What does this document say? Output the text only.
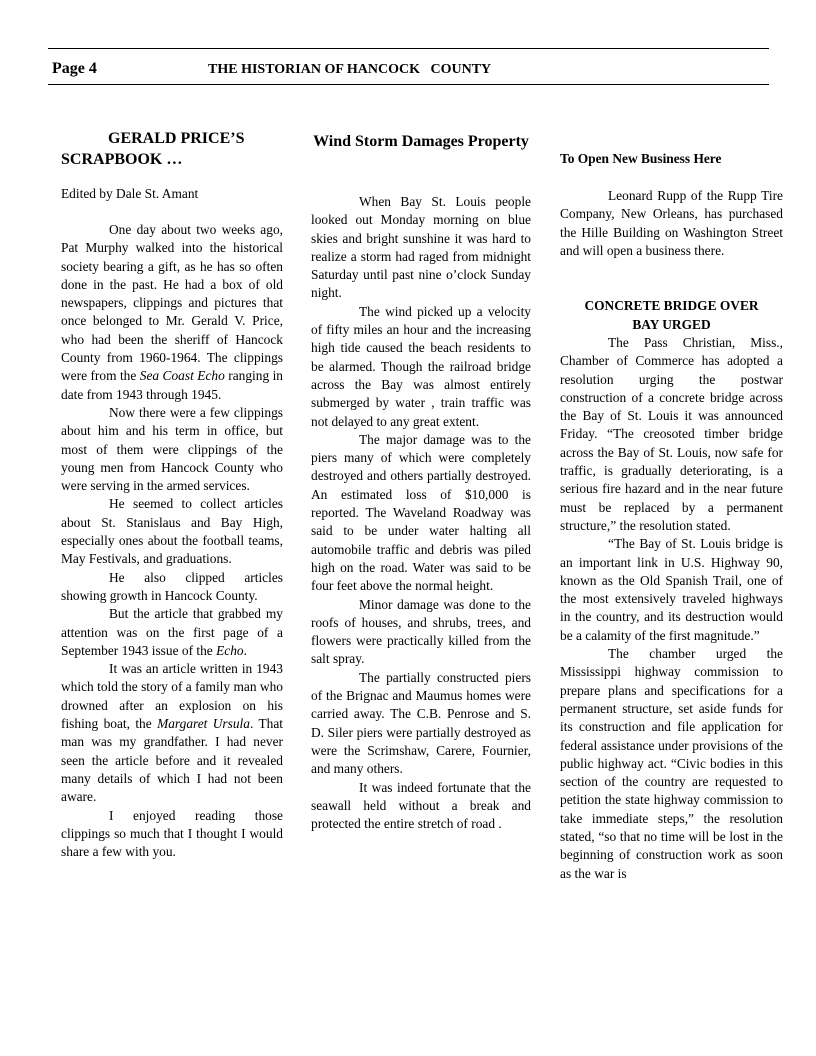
Page 4	THE HISTORIAN OF HANCOCK   COUNTY
GERALD PRICE’S
SCRAPBOOK …
Edited by Dale St. Amant

One day about two weeks ago, Pat Murphy walked into the historical society bearing a gift, as he has so often done in the past. He had a box of old newspapers, clippings and pictures that once belonged to Mr. Gerald V. Price, who had been the sheriff of Hancock County from 1960-1964. The clippings were from the Sea Coast Echo ranging in date from 1943 through 1945.

Now there were a few clippings about him and his term in office, but most of them were clippings of the young men from Hancock County who were serving in the armed services.

He seemed to collect articles about St. Stanislaus and Bay High, especially ones about the football teams, May Festivals, and graduations.

He also clipped articles showing growth in Hancock County.

But the article that grabbed my attention was on the first page of a September 1943 issue of the Echo.

It was an article written in 1943 which told the story of a family man who drowned after an explosion on his fishing boat, the Margaret Ursula. That man was my grandfather. I had never seen the article before and it revealed many details of which I had not been aware.

I enjoyed reading those clippings so much that I thought I would share a few with you.

Wind Storm Damages Property

When Bay St. Louis people looked out Monday morning on blue skies and bright sunshine it was hard to realize a storm had raged from midnight Saturday until past nine o’clock Sunday night.

The wind picked up a velocity of fifty miles an hour and the increasing high tide caused the beach residents to be alarmed. Though the railroad bridge across the Bay was almost entirely submerged by water , train traffic was not delayed to any great extent.

The major damage was to the piers many of which were completely destroyed and others partially destroyed. An estimated loss of $10,000 is reported. The Waveland Roadway was said to be under water halting all automobile traffic and debris was piled high on the road. Water was said to be four feet above the normal height.

Minor damage was done to the roofs of houses, and shrubs, trees, and flowers were practically killed from the salt spray.

The partially constructed piers of the Brignac and Maumus homes were carried away. The C.B. Penrose and S. D. Siler piers were partially destroyed as were the Scrimshaw, Carere, Fournier, and many others.

It was indeed fortunate that the seawall held without a break and protected the entire stretch of road .

To Open New Business Here

Leonard Rupp of the Rupp Tire Company, New Orleans, has purchased the Hille Building on Washington Street and will open a business there.

CONCRETE BRIDGE OVER
BAY URGED

The Pass Christian, Miss., Chamber of Commerce has adopted a resolution urging the postwar construction of a concrete bridge across the Bay of St. Louis it was announced Friday. “The creosoted timber bridge across the Bay of St. Louis, now safe for traffic, is gradually deteriorating, is a serious fire hazard and in the near future must be replaced by a permanent structure,” the resolution stated.

“The Bay of St. Louis bridge is an important link in U.S. Highway 90, known as the Old Spanish Trail, one of the most extensively traveled highways in the country, and its destruction would be a calamity of the first magnitude.”

The chamber urged the Mississippi highway commission to prepare plans and specifications for a permanent structure, set aside funds for its construction and file application for federal assistance under provisions of the public highway act. “Civic bodies in this section of the country are requested to petition the state highway commission to take immediate steps,” the resolution stated, “so that no time will be lost in the beginning of construction work as soon as the war is
